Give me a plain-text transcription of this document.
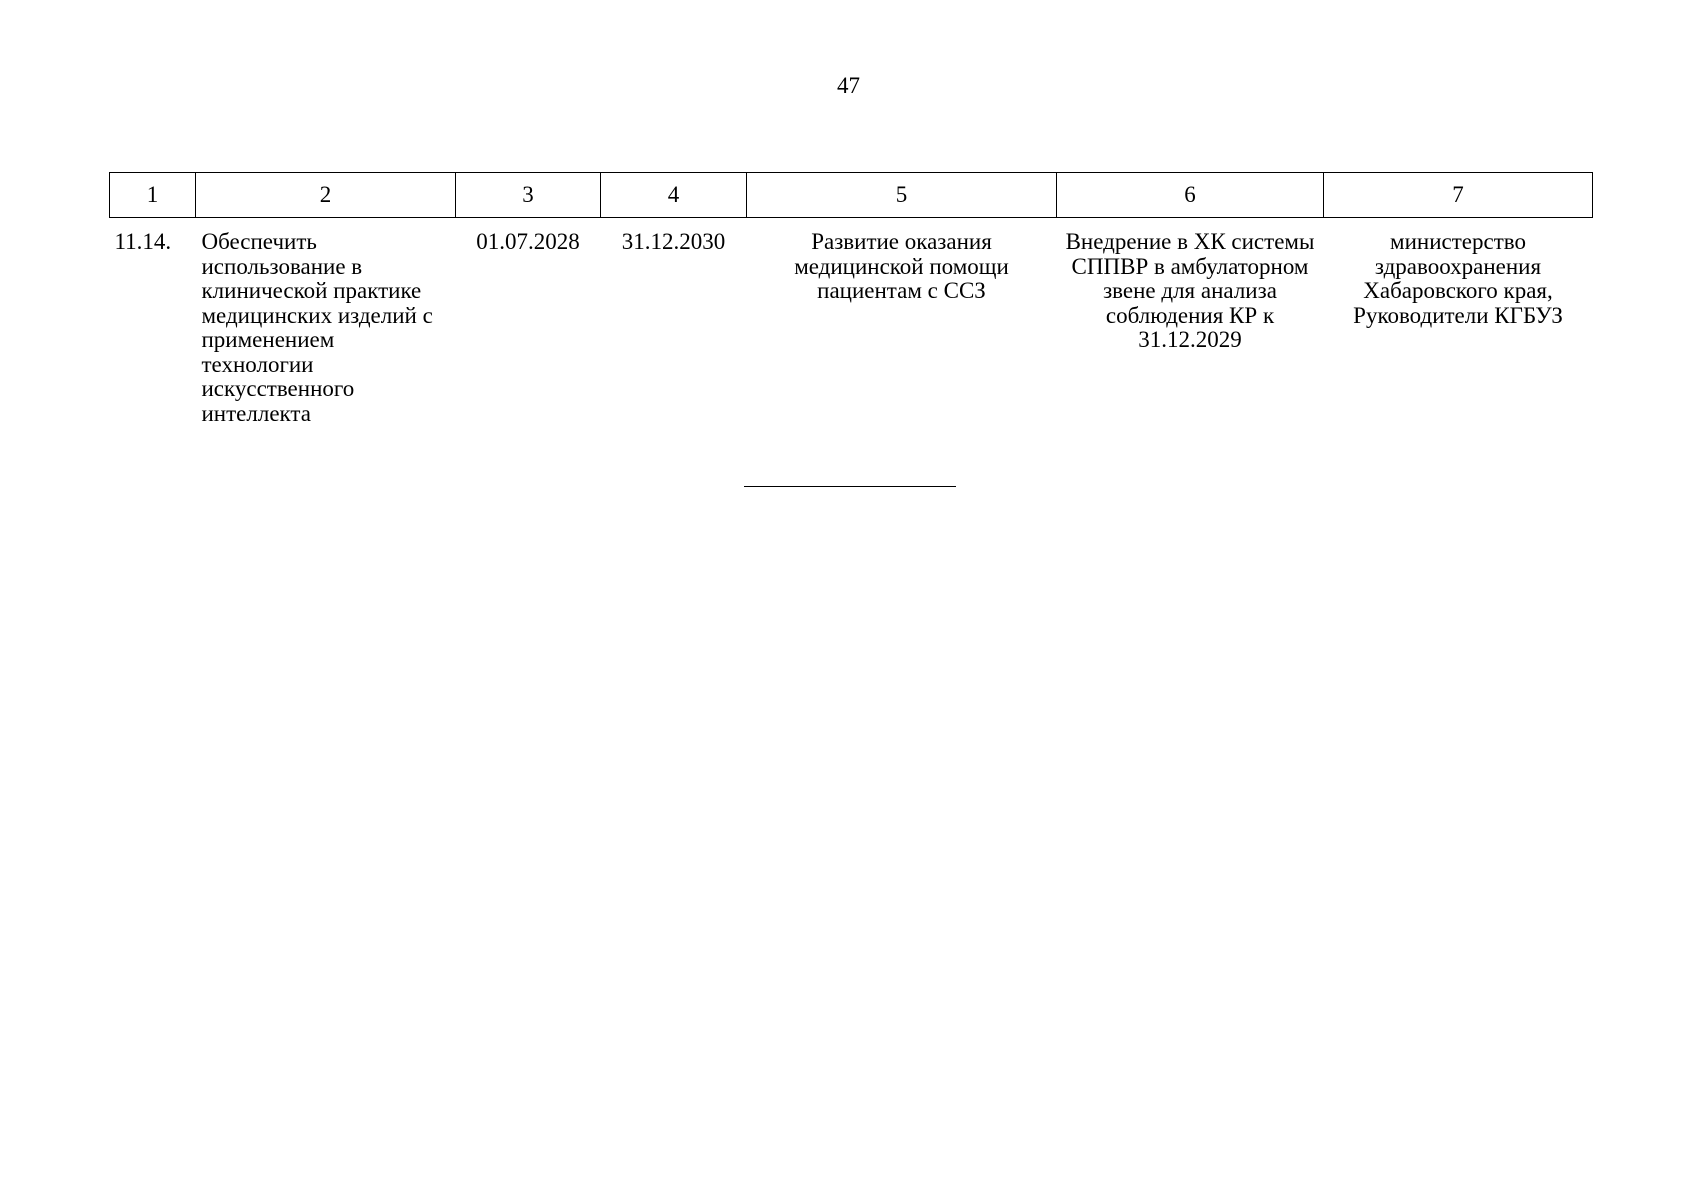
47
1	2	3	4	5	6	7
11.14.	Обеспечить использование в клинической практике медицинских изделий с применением технологии искусственного интеллекта	01.07.2028	31.12.2030	Развитие оказания медицинской помощи пациентам с ССЗ	Внедрение в ХК системы СППВР в амбулаторном звене для анализа соблюдения КР к 31.12.2029	министерство здравоохранения Хабаровского края, Руководители КГБУЗ
